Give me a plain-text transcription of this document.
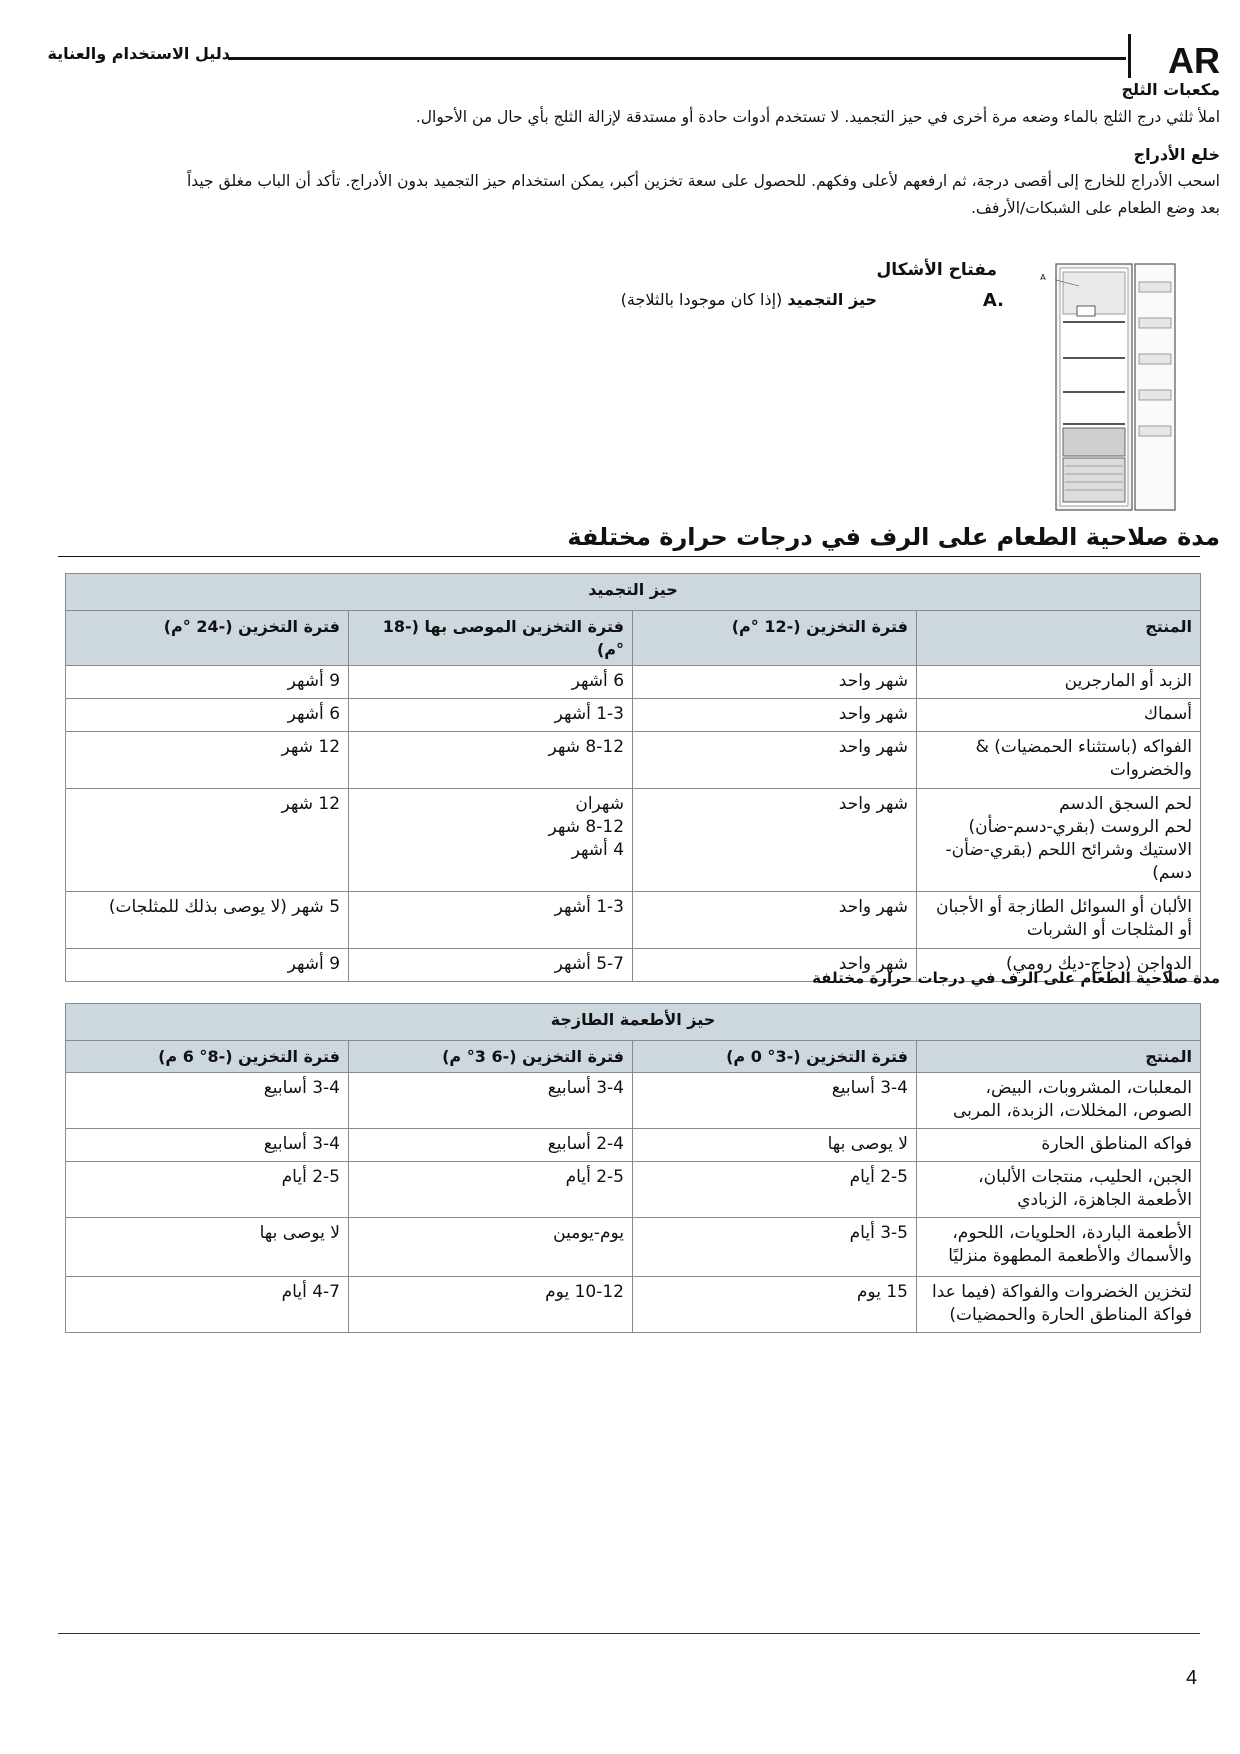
AR
دليل الاستخدام والعناية
مكعبات الثلج
املأ ثلثي درج الثلج بالماء وضعه مرة أخرى في حيز التجميد. لا تستخدم أدوات حادة أو مستدقة لإزالة الثلج بأي حال من الأحوال.
خلع الأدراج
اسحب الأدراج للخارج إلى أقصى درجة، ثم ارفعهم لأعلى وفكهم. للحصول على سعة تخزين أكبر، يمكن استخدام حيز التجميد بدون الأدراج. تأكد أن الباب مغلق جيداً
بعد وضع الطعام على الشبكات/الأرفف.
A
مفتاح الأشكال
A.
حيز التجميد (إذا كان موجودا بالثلاجة)
مدة صلاحية الطعام على الرف في درجات حرارة مختلفة
حيز التجميد			
المنتج	فترة التخزين (-12 °م)	فترة التخزين الموصى بها (-18 °م)	فترة التخزين (-24 °م)

الزبد أو المارجرين	شهر واحد	6 أشهر	9 أشهر

أسماك	شهر واحد	1-3 أشهر	6 أشهر

الفواكه (باستثناء الحمضيات) &
والخضروات	شهر واحد	8-12 شهر	12 شهر

لحم السجق الدسم
لحم الروست (بقري-دسم-ضأن)
الاستيك وشرائح اللحم (بقري-ضأن-
دسم)	شهر واحد	شهران
8-12 شهر
4 أشهر	12 شهر

الألبان أو السوائل الطازجة أو الأجبان
أو المثلجات أو الشربات	شهر واحد	1-3 أشهر	5 شهر (لا يوصى بذلك للمثلجات)

الدواجن (دجاج-ديك رومي)	شهر واحد	5-7 أشهر	9 أشهر
مدة صلاحية الطعام على الرف في درجات حرارة مختلفة
حيز الأطعمة الطازجة			
المنتج	فترة التخزين (-3° 0 م)	فترة التخزين (-6 3° م)	فترة التخزين (-8° 6 م)

المعلبات، المشروبات، البيض،
الصوص، المخللات، الزبدة، المربى	3-4 أسابيع	3-4 أسابيع	3-4 أسابيع

فواكه المناطق الحارة	لا يوصى بها	2-4 أسابيع	3-4 أسابيع

الجبن، الحليب، منتجات الألبان،
الأطعمة الجاهزة، الزبادي	2-5 أيام	2-5 أيام	2-5 أيام

الأطعمة الباردة، الحلويات، اللحوم،
والأسماك والأطعمة المطهوة منزليًا	3-5 أيام	يوم-يومين	لا يوصى بها

لتخزين الخضروات والفواكة (فيما عدا
فواكة المناطق الحارة والحمضيات)	15 يوم	10-12 يوم	4-7 أيام
4
